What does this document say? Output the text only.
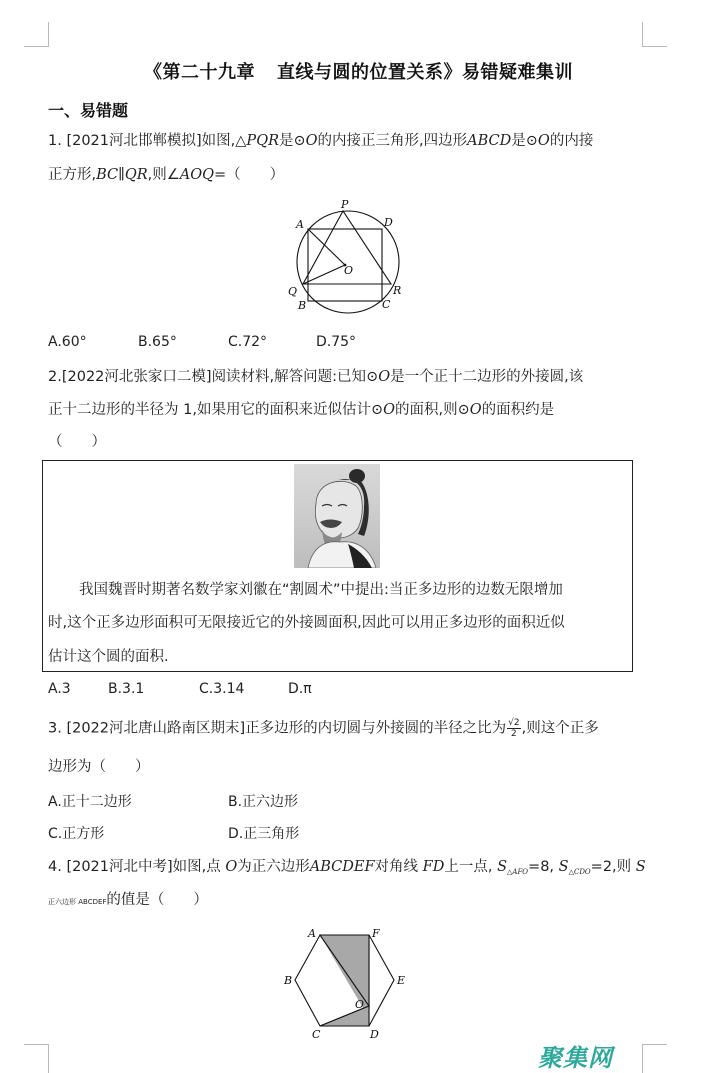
《第二十九章 直线与圆的位置关系》易错疑难集训
一、易错题
1. [2021河北邯郸模拟]如图,△PQR是⊙O的内接正三角形,四边形ABCD是⊙O的内接
正方形,BC∥QR,则∠AOQ=（　　）
P
A	D
O
Q	R
B	C
A.60°	B.65°	C.72°	D.75°
2.[2022河北张家口二模]阅读材料,解答问题:已知⊙O是一个正十二边形的外接圆,该
正十二边形的半径为 1,如果用它的面积来近似估计⊙O的面积,则⊙O的面积约是
（　　）
我国魏晋时期著名数学家刘徽在“割圆术”中提出:当正多边形的边数无限增加
时,这个正多边形面积可无限接近它的外接圆面积,因此可以用正多边形的面积近似
估计这个圆的面积.
A.3	B.3.1	C.3.14	D.π
3. [2022河北唐山路南区期末]正多边形的内切圆与外接圆的半径之比为 $\frac{√2}{2}$,则这个正多
边形为（　　）
A.正十二边形	B.正六边形
C.正方形	D.正三角形
4. [2021河北中考]如图,点 O为正六边形ABCDEF对角线 FD上一点, $S_{\triangle AFO}=8$, $S_{\triangle CDO}=2$,则 S
正六边形 ABCDEF的值是（　　）
A	F
B	E
O
C	D
聚集网
